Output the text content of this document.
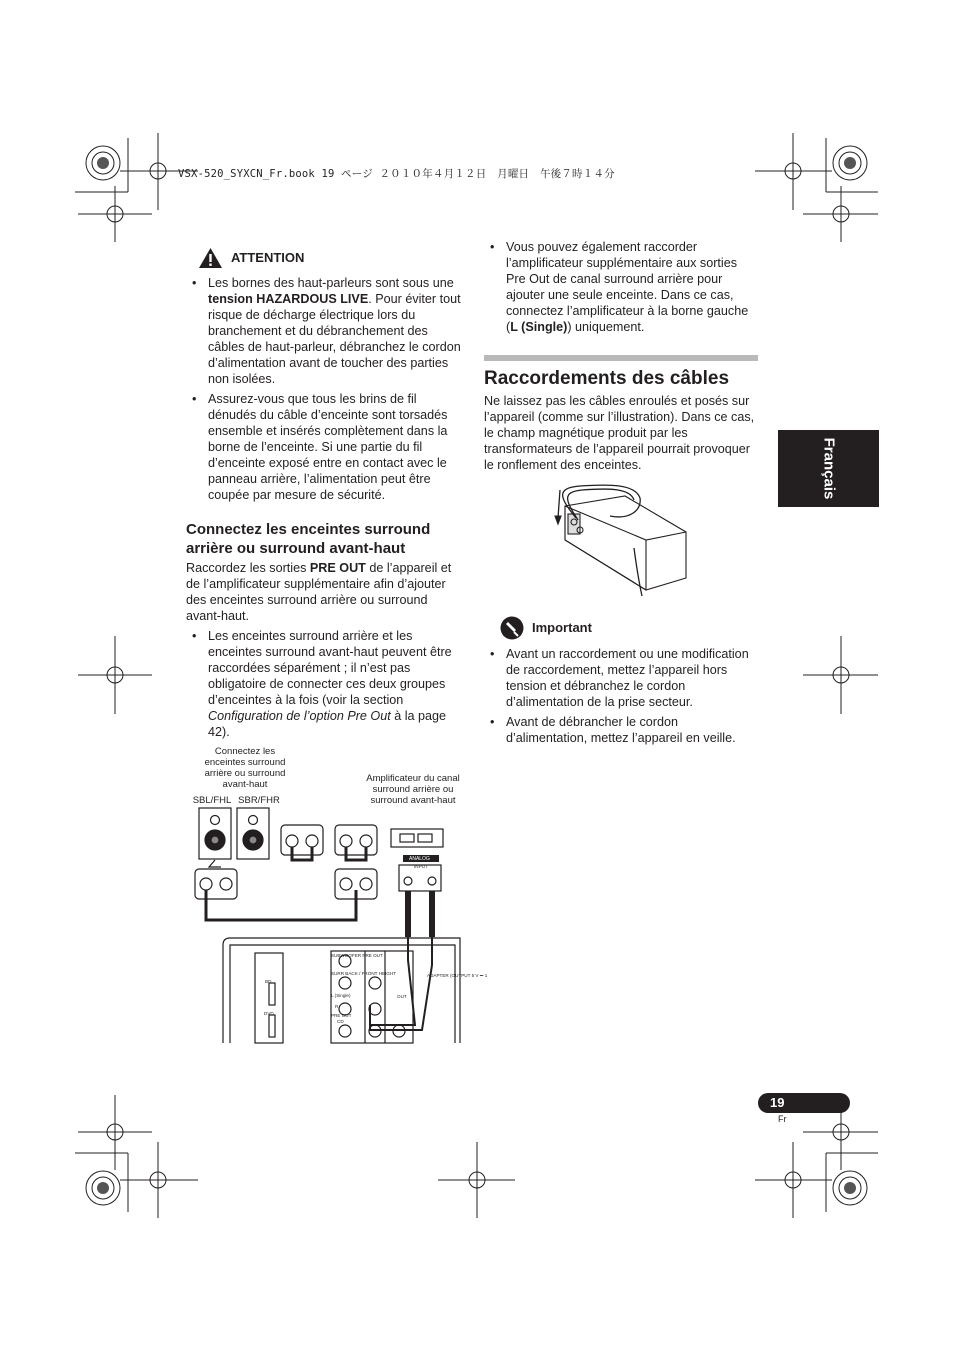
VSX-520_SYXCN_Fr.book 19 ページ ２０１０年４月１２日　月曜日　午後７時１４分
ATTENTION
• Les bornes des haut-parleurs sont sous une tension HAZARDOUS LIVE. Pour éviter tout risque de décharge électrique lors du branchement et du débranchement des câbles de haut-parleur, débranchez le cordon d’alimentation avant de toucher des parties non isolées.
• Assurez-vous que tous les brins de fil dénudés du câble d’enceinte sont torsadés ensemble et insérés complètement dans la borne de l’enceinte. Si une partie du fil d’enceinte exposé entre en contact avec le panneau arrière, l’alimentation peut être coupée par mesure de sécurité.
Connectez les enceintes surround arrière ou surround avant-haut

Raccordez les sorties PRE OUT de l’appareil et de l’amplificateur supplémentaire afin d’ajouter des enceintes surround arrière ou surround avant-haut.

• Les enceintes surround arrière et les enceintes surround avant-haut peuvent être raccordées séparément ; il n’est pas obligatoire de connecter ces deux groupes d’enceintes à la fois (voir la section Configuration de l’option Pre Out à la page 42).
Connectez les enceintes surround arrière ou surround avant-haut
SBL/FHL SBR/FHR
Amplificateur du canal surround arrière ou surround avant-haut
ANALOG
INPUT
SUBWOOFER PRE OUT
SURR BACK / FRONT HEIGHT
L (Single)
R
PRE OUT
ADAPTER (OUTPUT 5 V ⎓ 1
OUT
CD
BD
DVD
• Vous pouvez également raccorder l’amplificateur supplémentaire aux sorties Pre Out de canal surround arrière pour ajouter une seule enceinte. Dans ce cas, connectez l’amplificateur à la borne gauche (L (Single)) uniquement.
Raccordements des câbles

Ne laissez pas les câbles enroulés et posés sur l’appareil (comme sur l’illustration). Dans ce cas, le champ magnétique produit par les transformateurs de l’appareil pourrait provoquer le ronflement des enceintes.

Important
• Avant un raccordement ou une modification de raccordement, mettez l’appareil hors tension et débranchez le cordon d’alimentation de la prise secteur.
• Avant de débrancher le cordon d’alimentation, mettez l’appareil en veille.
Français
19
Fr
